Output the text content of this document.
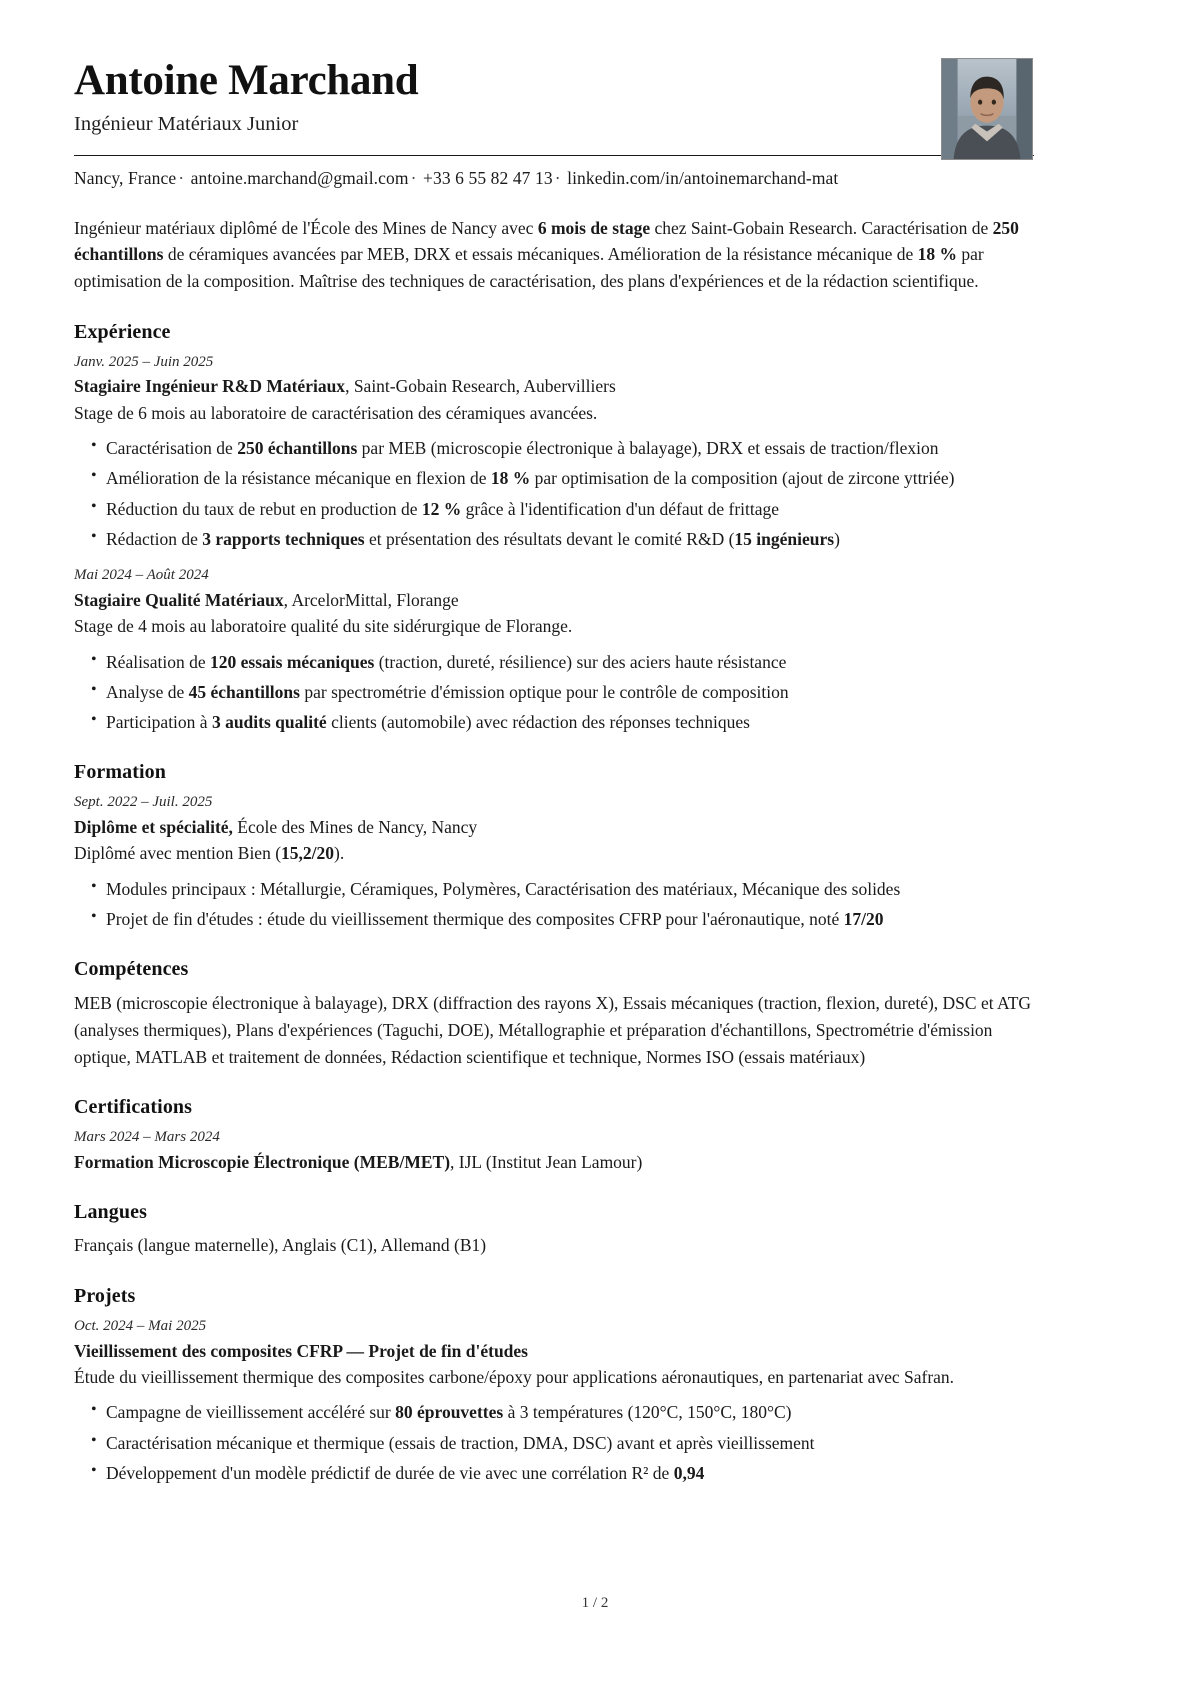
Antoine Marchand
Ingénieur Matériaux Junior
Nancy, France · antoine.marchand@gmail.com · +33 6 55 82 47 13 · linkedin.com/in/antoinemarchand-mat

Ingénieur matériaux diplômé de l'École des Mines de Nancy avec 6 mois de stage chez Saint-Gobain Research. Caractérisation de 250 échantillons de céramiques avancées par MEB, DRX et essais mécaniques. Amélioration de la résistance mécanique de 18 % par optimisation de la composition. Maîtrise des techniques de caractérisation, des plans d'expériences et de la rédaction scientifique.

Expérience
Janv. 2025 – Juin 2025
Stagiaire Ingénieur R&D Matériaux, Saint-Gobain Research, Aubervilliers
Stage de 6 mois au laboratoire de caractérisation des céramiques avancées.
• Caractérisation de 250 échantillons par MEB (microscopie électronique à balayage), DRX et essais de traction/flexion
• Amélioration de la résistance mécanique en flexion de 18 % par optimisation de la composition (ajout de zircone yttriée)
• Réduction du taux de rebut en production de 12 % grâce à l'identification d'un défaut de frittage
• Rédaction de 3 rapports techniques et présentation des résultats devant le comité R&D (15 ingénieurs)
Mai 2024 – Août 2024
Stagiaire Qualité Matériaux, ArcelorMittal, Florange
Stage de 4 mois au laboratoire qualité du site sidérurgique de Florange.
• Réalisation de 120 essais mécaniques (traction, dureté, résilience) sur des aciers haute résistance
• Analyse de 45 échantillons par spectrométrie d'émission optique pour le contrôle de composition
• Participation à 3 audits qualité clients (automobile) avec rédaction des réponses techniques
Formation
Sept. 2022 – Juil. 2025
Diplôme et spécialité, École des Mines de Nancy, Nancy
Diplômé avec mention Bien (15,2/20).
• Modules principaux : Métallurgie, Céramiques, Polymères, Caractérisation des matériaux, Mécanique des solides
• Projet de fin d'études : étude du vieillissement thermique des composites CFRP pour l'aéronautique, noté 17/20
Compétences

MEB (microscopie électronique à balayage), DRX (diffraction des rayons X), Essais mécaniques (traction, flexion, dureté), DSC et ATG (analyses thermiques), Plans d'expériences (Taguchi, DOE), Métallographie et préparation d'échantillons, Spectrométrie d'émission optique, MATLAB et traitement de données, Rédaction scientifique et technique, Normes ISO (essais matériaux)

Certifications
Mars 2024 – Mars 2024
Formation Microscopie Électronique (MEB/MET), IJL (Institut Jean Lamour)
Langues

Français (langue maternelle), Anglais (C1), Allemand (B1)

Projets
Oct. 2024 – Mai 2025
Vieillissement des composites CFRP — Projet de fin d'études
Étude du vieillissement thermique des composites carbone/époxy pour applications aéronautiques, en partenariat avec Safran.
• Campagne de vieillissement accéléré sur 80 éprouvettes à 3 températures (120°C, 150°C, 180°C)
• Caractérisation mécanique et thermique (essais de traction, DMA, DSC) avant et après vieillissement
• Développement d'un modèle prédictif de durée de vie avec une corrélation R² de 0,94
1 / 2
